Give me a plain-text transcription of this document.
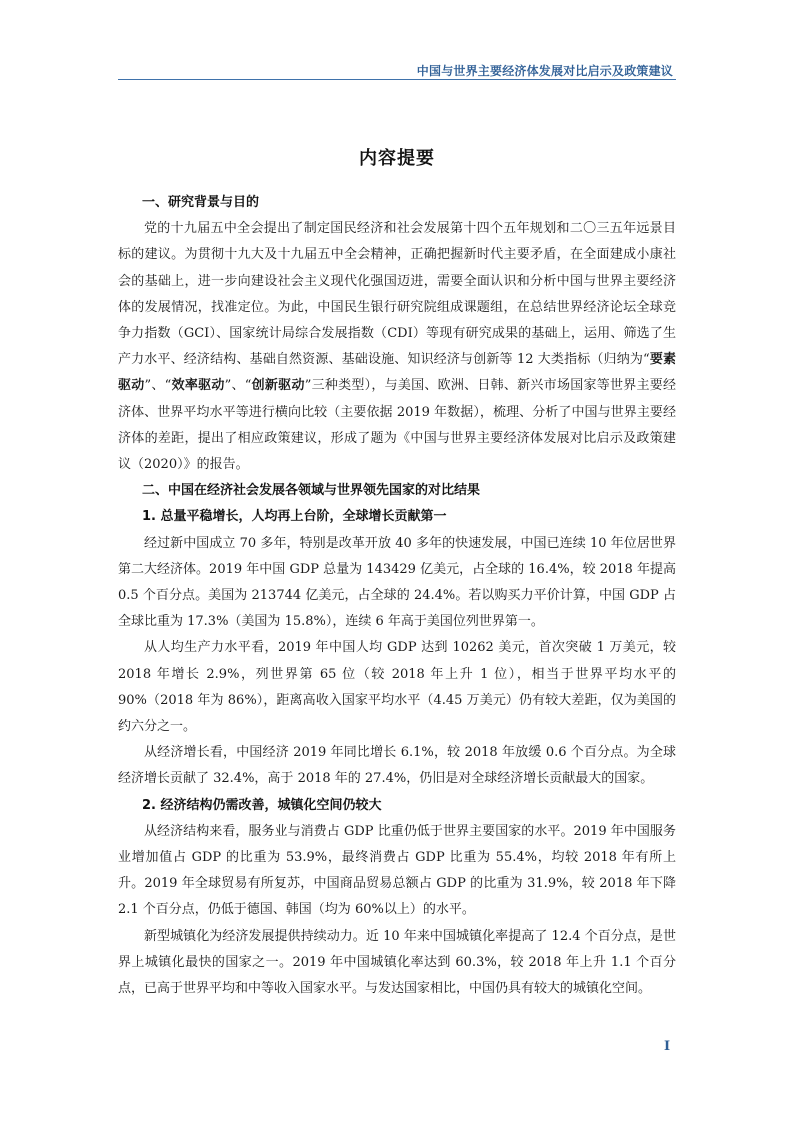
中国与世界主要经济体发展对比启示及政策建议
内容提要
一、研究背景与目的

党的十九届五中全会提出了制定国民经济和社会发展第十四个五年规划和二〇三五年远景目标的建议。为贯彻十九大及十九届五中全会精神，正确把握新时代主要矛盾，在全面建成小康社会的基础上，进一步向建设社会主义现代化强国迈进，需要全面认识和分析中国与世界主要经济体的发展情况，找准定位。为此，中国民生银行研究院组成课题组，在总结世界经济论坛全球竞争力指数（GCI）、国家统计局综合发展指数（CDI）等现有研究成果的基础上，运用、筛选了生产力水平、经济结构、基础自然资源、基础设施、知识经济与创新等 12 大类指标（归纳为“要素驱动”、“效率驱动”、“创新驱动”三种类型），与美国、欧洲、日韩、新兴市场国家等世界主要经济体、世界平均水平等进行横向比较（主要依据 2019 年数据），梳理、分析了中国与世界主要经济体的差距，提出了相应政策建议，形成了题为《中国与世界主要经济体发展对比启示及政策建议（2020）》的报告。

二、中国在经济社会发展各领域与世界领先国家的对比结果
1. 总量平稳增长，人均再上台阶，全球增长贡献第一

经过新中国成立 70 多年，特别是改革开放 40 多年的快速发展，中国已连续 10 年位居世界第二大经济体。2019 年中国 GDP 总量为 143429 亿美元，占全球的 16.4%，较 2018 年提高 0.5 个百分点。美国为 213744 亿美元，占全球的 24.4%。若以购买力平价计算，中国 GDP 占全球比重为 17.3%（美国为 15.8%），连续 6 年高于美国位列世界第一。

从人均生产力水平看，2019 年中国人均 GDP 达到 10262 美元，首次突破 1 万美元，较 2018 年增长 2.9%，列世界第 65 位（较 2018 年上升 1 位），相当于世界平均水平的 90%（2018 年为 86%），距离高收入国家平均水平（4.45 万美元）仍有较大差距，仅为美国的约六分之一。

从经济增长看，中国经济 2019 年同比增长 6.1%，较 2018 年放缓 0.6 个百分点。为全球经济增长贡献了 32.4%，高于 2018 年的 27.4%，仍旧是对全球经济增长贡献最大的国家。

2. 经济结构仍需改善，城镇化空间仍较大

从经济结构来看，服务业与消费占 GDP 比重仍低于世界主要国家的水平。2019 年中国服务业增加值占 GDP 的比重为 53.9%，最终消费占 GDP 比重为 55.4%，均较 2018 年有所上升。2019 年全球贸易有所复苏，中国商品贸易总额占 GDP 的比重为 31.9%，较 2018 年下降 2.1 个百分点，仍低于德国、韩国（均为 60%以上）的水平。

新型城镇化为经济发展提供持续动力。近 10 年来中国城镇化率提高了 12.4 个百分点，是世界上城镇化最快的国家之一。2019 年中国城镇化率达到 60.3%，较 2018 年上升 1.1 个百分点，已高于世界平均和中等收入国家水平。与发达国家相比，中国仍具有较大的城镇化空间。

I
